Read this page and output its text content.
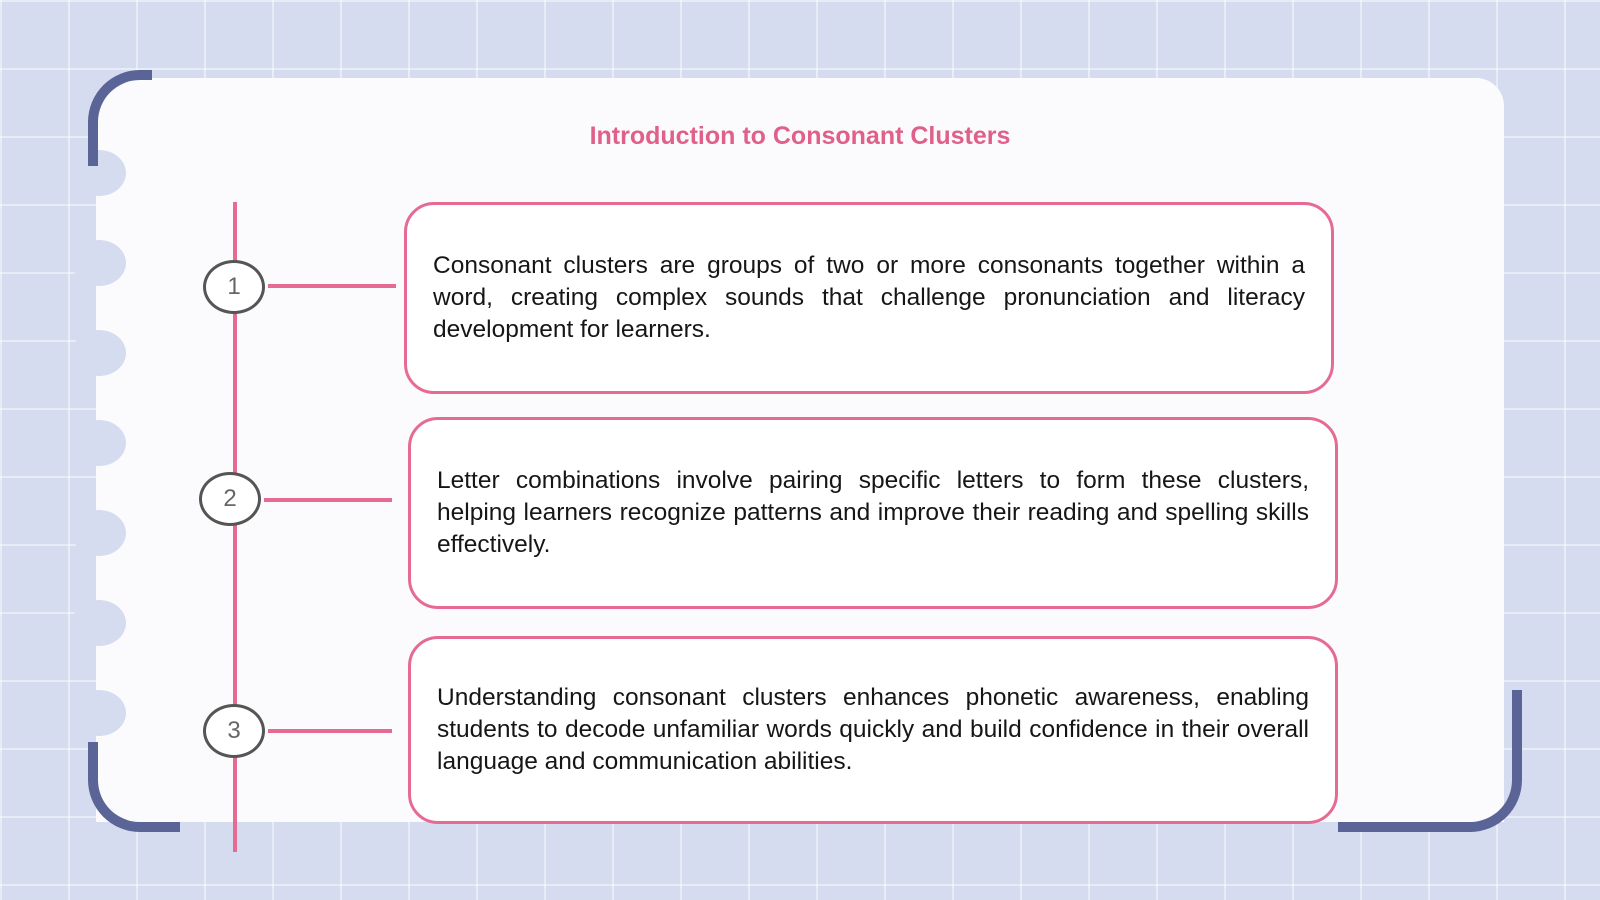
Introduction to Consonant Clusters
1
2
3

Consonant clusters are groups of two or more consonants together within a word, creating complex sounds that challenge pronunciation and literacy development for learners.

Letter combinations involve pairing specific letters to form these clusters, helping learners recognize patterns and improve their reading and spelling skills effectively.

Understanding consonant clusters enhances phonetic awareness, enabling students to decode unfamiliar words quickly and build confidence in their overall language and communication abilities.
